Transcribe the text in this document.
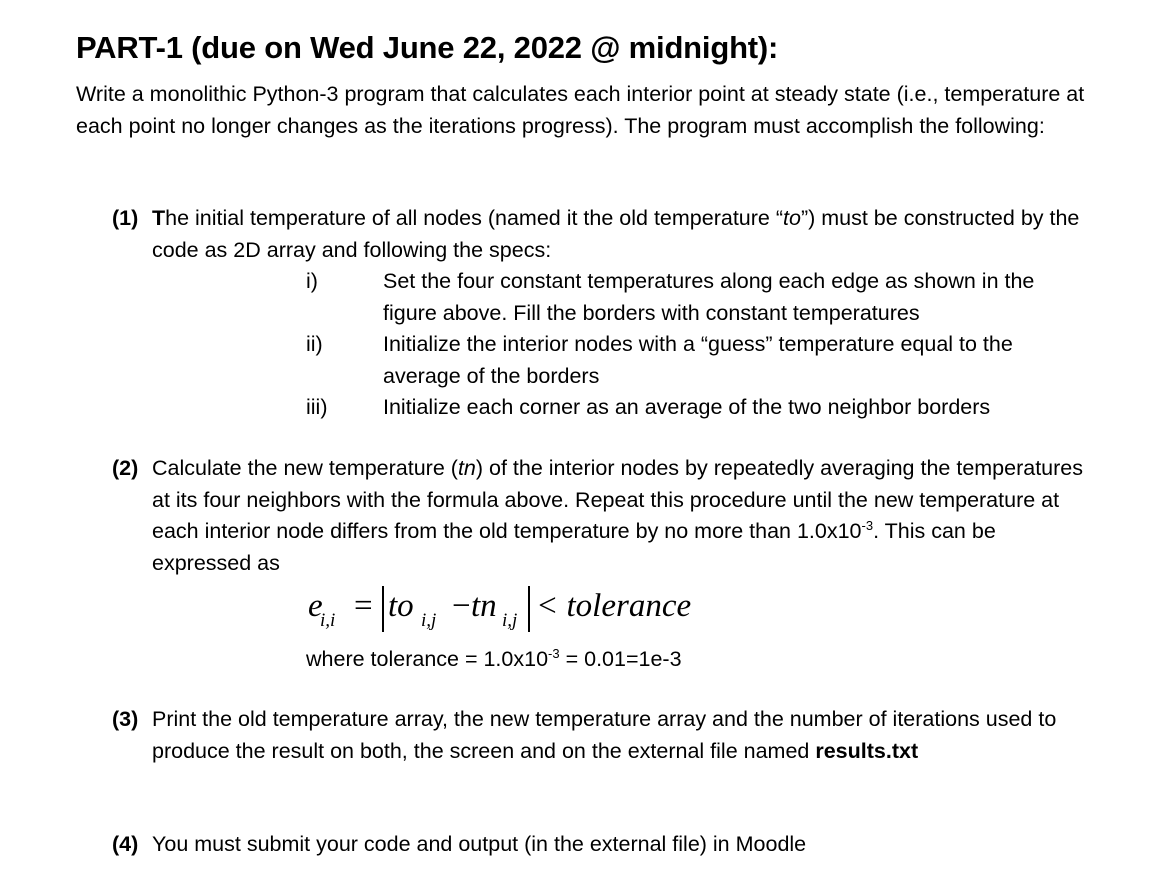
PART-1 (due on Wed June 22, 2022 @ midnight):
Write a monolithic Python-3 program that calculates each interior point at steady state (i.e., temperature at each point no longer changes as the iterations progress). The program must accomplish the following:
(1) The initial temperature of all nodes (named it the old temperature “to”) must be constructed by the code as 2D array and following the specs:
i)	Set the four constant temperatures along each edge as shown in the figure above. Fill the borders with constant temperatures
ii)	Initialize the interior nodes with a “guess” temperature equal to the average of the borders
iii)	Initialize each corner as an average of the two neighbor borders
(2) Calculate the new temperature (tn) of the interior nodes by repeatedly averaging the temperatures at its four neighbors with the formula above. Repeat this procedure until the new temperature at each interior node differs from the old temperature by no more than $1.0x10^{-3}$. This can be expressed as
e
i,i = to i,j − tn i,j < tolerance
where tolerance = $1.0x10^{-3} = 0.01=1e-3$
(3) Print the old temperature array, the new temperature array and the number of iterations used to produce the result on both, the screen and on the external file named results.txt
(4) You must submit your code and output (in the external file) in Moodle
